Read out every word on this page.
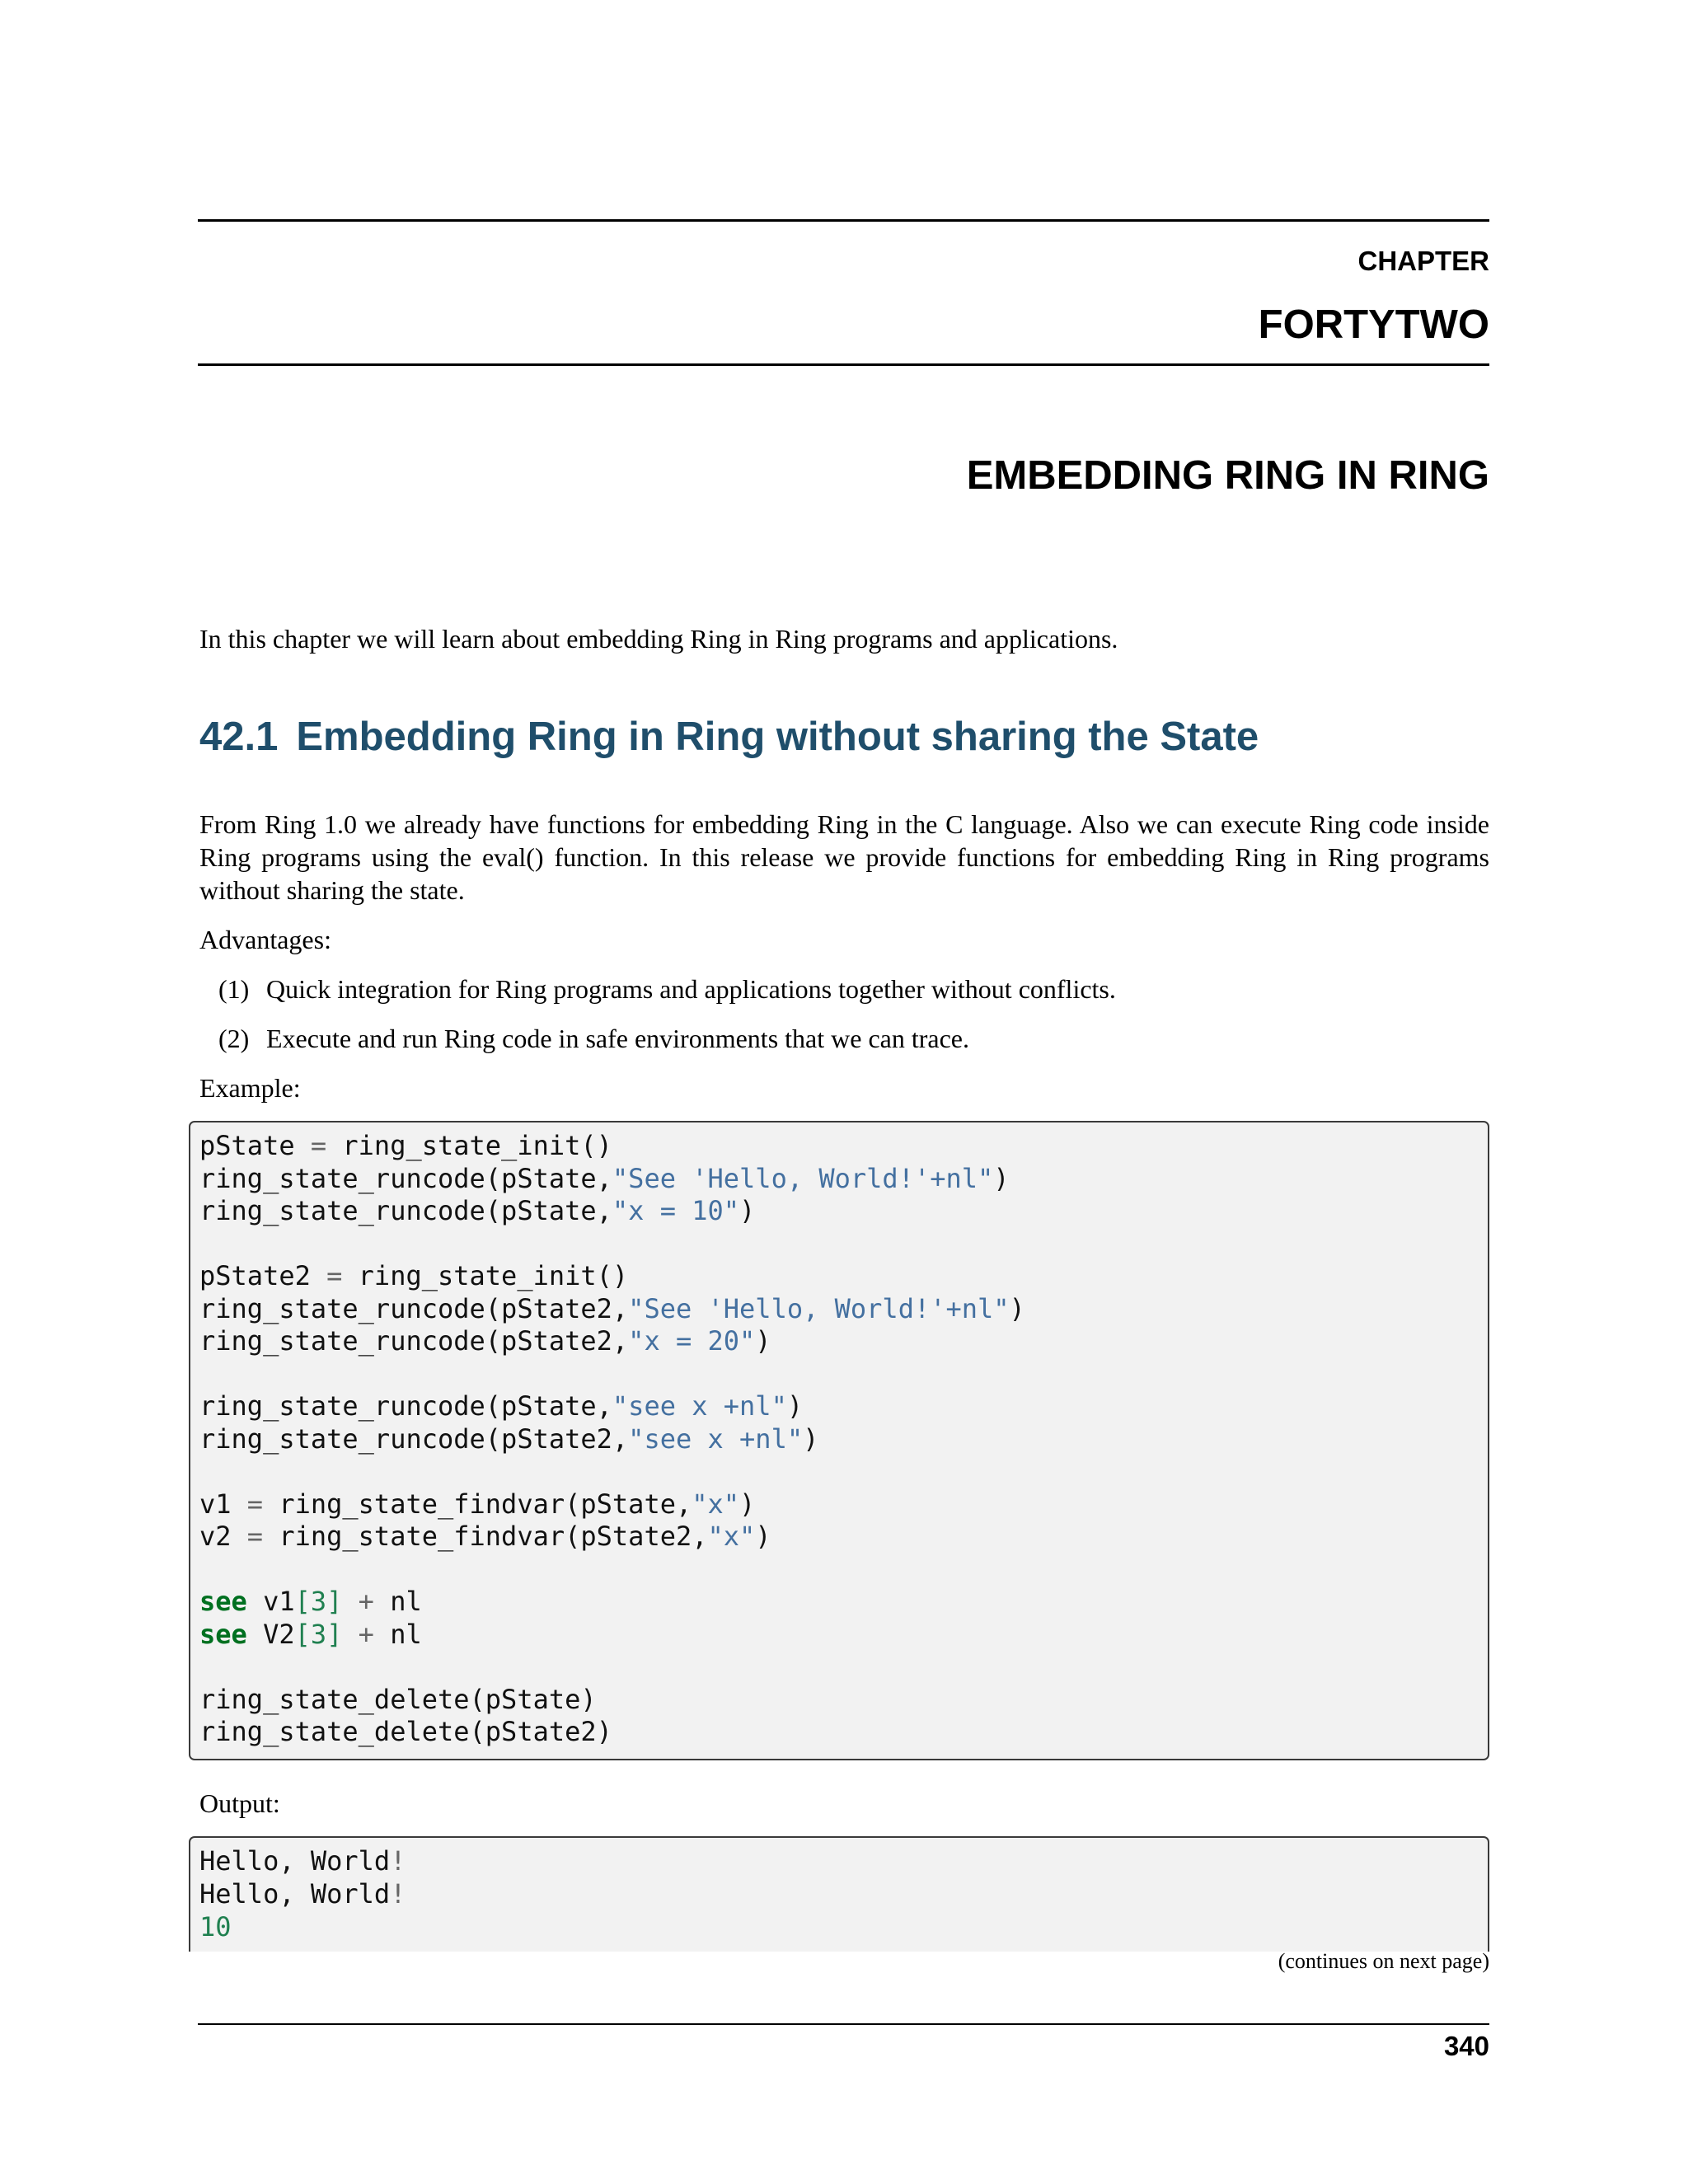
CHAPTER
FORTYTWO
EMBEDDING RING IN RING
In this chapter we will learn about embedding Ring in Ring programs and applications.
42.1 Embedding Ring in Ring without sharing the State
From Ring 1.0 we already have functions for embedding Ring in the C language. Also we can execute Ring code inside Ring programs using the eval() function. In this release we provide functions for embedding Ring in Ring programs without sharing the state.
Advantages:
(1) Quick integration for Ring programs and applications together without conflicts.
(2) Execute and run Ring code in safe environments that we can trace.
Example:
pState = ring_state_init()
ring_state_runcode(pState,"See 'Hello, World!'+nl")
ring_state_runcode(pState,"x = 10")
pState2 = ring_state_init()
ring_state_runcode(pState2,"See 'Hello, World!'+nl")
ring_state_runcode(pState2,"x = 20")
ring_state_runcode(pState,"see x +nl")
ring_state_runcode(pState2,"see x +nl")
v1 = ring_state_findvar(pState,"x")
v2 = ring_state_findvar(pState2,"x")
see v1[3] + nl
see V2[3] + nl
ring_state_delete(pState)
ring_state_delete(pState2)
Output:
Hello, World!
Hello, World!
10
(continues on next page)
340
